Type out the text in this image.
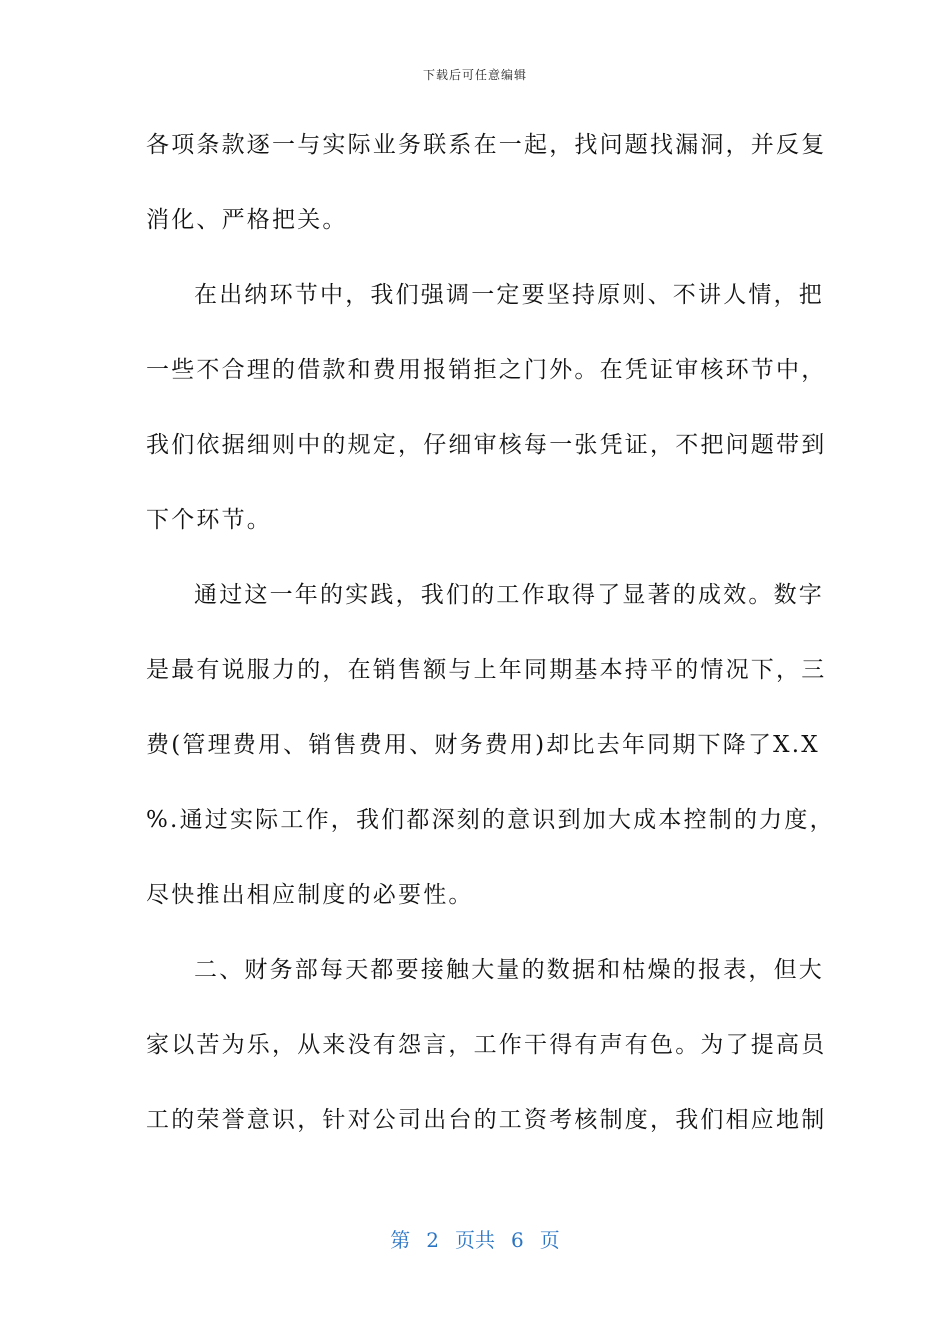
下载后可任意编辑
各项条款逐一与实际业务联系在一起，找问题找漏洞，并反复
消化、严格把关。
在出纳环节中，我们强调一定要坚持原则、不讲人情，把
一些不合理的借款和费用报销拒之门外。在凭证审核环节中，
我们依据细则中的规定，仔细审核每一张凭证，不把问题带到
下个环节。
通过这一年的实践，我们的工作取得了显著的成效。数字
是最有说服力的，在销售额与上年同期基本持平的情况下，三
费(管理费用、销售费用、财务费用)却比去年同期下降了X.X
%.通过实际工作，我们都深刻的意识到加大成本控制的力度，
尽快推出相应制度的必要性。
二、财务部每天都要接触大量的数据和枯燥的报表，但大
家以苦为乐，从来没有怨言，工作干得有声有色。为了提高员
工的荣誉意识，针对公司出台的工资考核制度，我们相应地制
第 2 页共 6 页
